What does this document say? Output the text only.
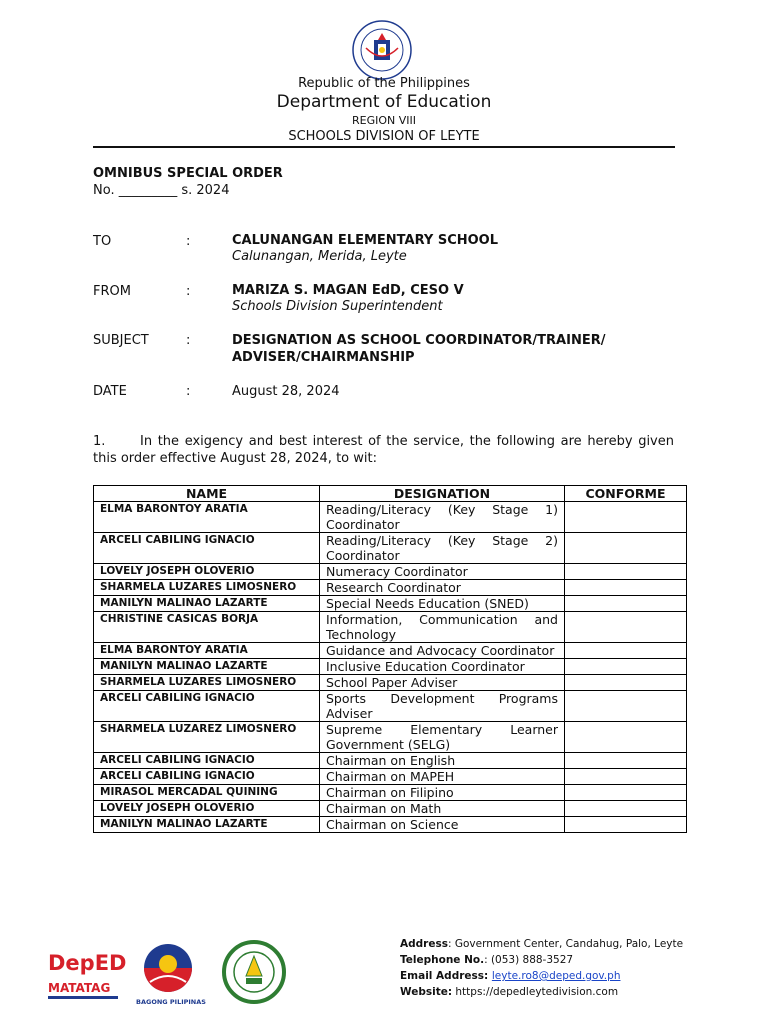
Republic of the Philippines
Department of Education
REGION VIII
SCHOOLS DIVISION OF LEYTE
OMNIBUS SPECIAL ORDER
No. _________ s. 2024
TO	:	CALUNANGAN ELEMENTARY SCHOOL
Calunangan, Merida, Leyte
FROM	:	MARIZA S. MAGAN EdD, CESO V
Schools Division Superintendent
SUBJECT	:	DESIGNATION AS SCHOOL COORDINATOR/TRAINER/
ADVISER/CHAIRMANSHIP
DATE	:	August 28, 2024
1.	In the exigency and best interest of the service, the following are hereby given this order effective August 28, 2024, to wit:
NAME	DESIGNATION	CONFORME
ELMA BARONTOY ARATIA	Reading/Literacy (Key Stage 1) Coordinator	
ARCELI CABILING IGNACIO	Reading/Literacy (Key Stage 2) Coordinator	
LOVELY JOSEPH OLOVERIO	Numeracy Coordinator	
SHARMELA LUZARES LIMOSNERO	Research Coordinator	
MANILYN MALINAO LAZARTE	Special Needs Education (SNED)	
CHRISTINE CASICAS BORJA	Information, Communication and Technology	
ELMA BARONTOY ARATIA	Guidance and Advocacy Coordinator	
MANILYN MALINAO LAZARTE	Inclusive Education Coordinator	
SHARMELA LUZARES LIMOSNERO	School Paper Adviser	
ARCELI CABILING IGNACIO	Sports Development Programs Adviser	
SHARMELA LUZAREZ LIMOSNERO	Supreme Elementary Learner Government (SELG)	
ARCELI CABILING IGNACIO	Chairman on English	
ARCELI CABILING IGNACIO	Chairman on MAPEH	
MIRASOL MERCADAL QUINING	Chairman on Filipino	
LOVELY JOSEPH OLOVERIO	Chairman on Math	
MANILYN MALINAO LAZARTE	Chairman on Science	
DepED
MATATAG
BAGONG PILIPINAS
Address: Government Center, Candahug, Palo, Leyte
Telephone No.: (053) 888-3527
Email Address: leyte.ro8@deped.gov.ph
Website: https://depedleytedivision.com
